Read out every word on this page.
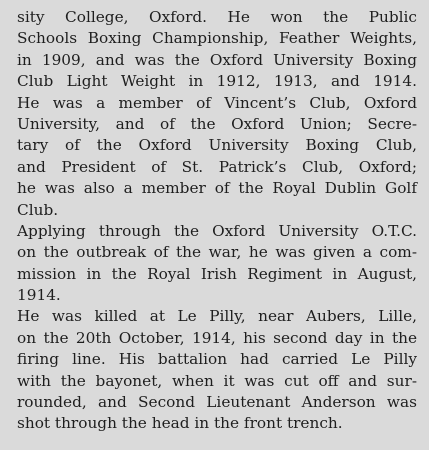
sity College, Oxford. He won the Public
Schools Boxing Championship, Feather Weights,
in 1909, and was the Oxford University Boxing
Club Light Weight in 1912, 1913, and 1914.
He was a member of Vincent’s Club, Oxford
University, and of the Oxford Union; Secre-
tary of the Oxford University Boxing Club,
and President of St. Patrick’s Club, Oxford;
he was also a member of the Royal Dublin Golf
Club.
Applying through the Oxford University O.T.C.
on the outbreak of the war, he was given a com-
mission in the Royal Irish Regiment in August,
1914.
He was killed at Le Pilly, near Aubers, Lille,
on the 20th October, 1914, his second day in the
firing line. His battalion had carried Le Pilly
with the bayonet, when it was cut off and sur-
rounded, and Second Lieutenant Anderson was
shot through the head in the front trench.
